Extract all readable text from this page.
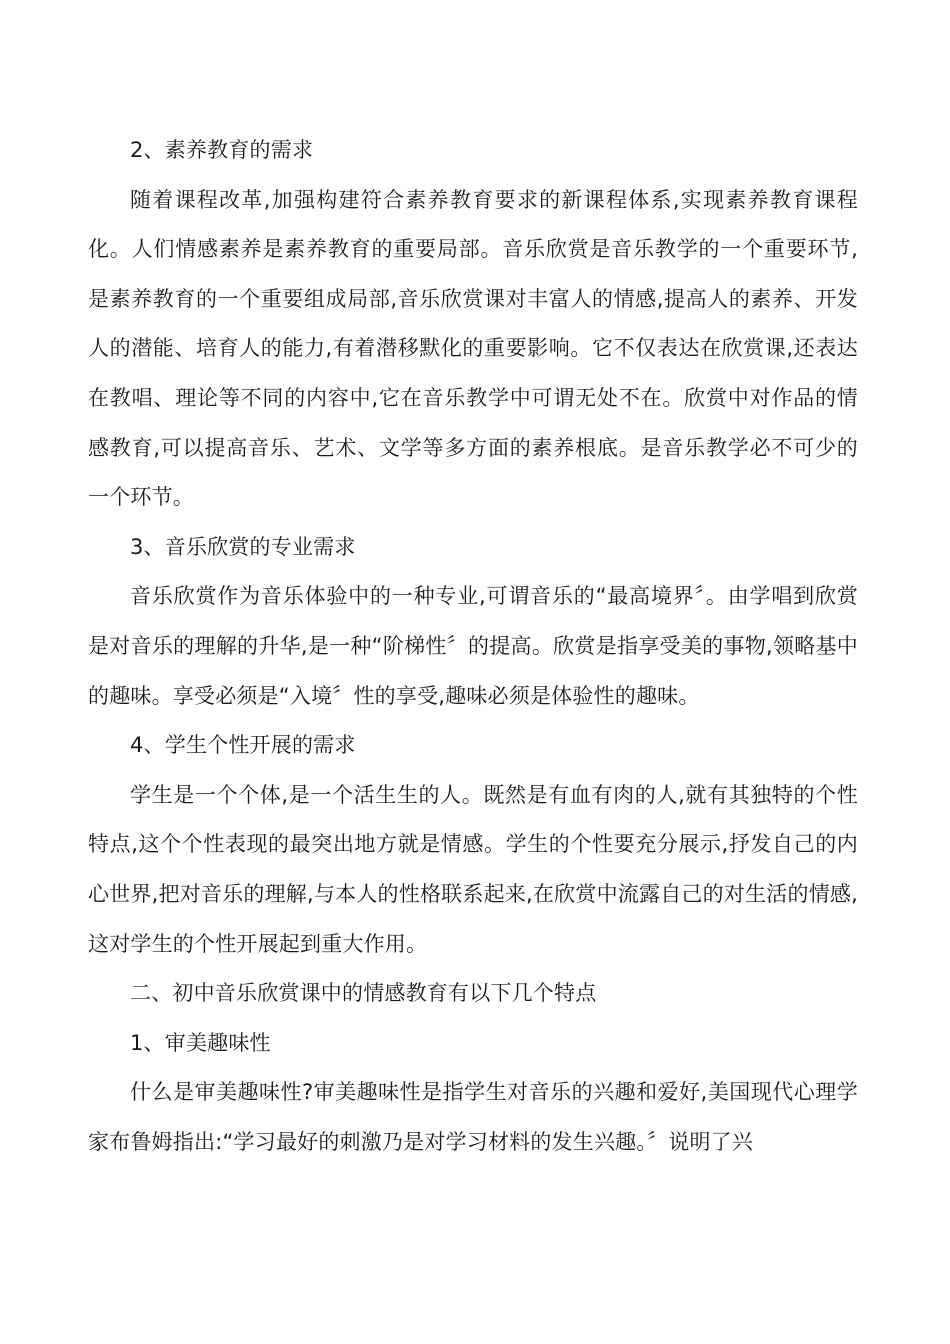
2、素养教育的需求

随着课程改革,加强构建符合素养教育要求的新课程体系,实现素养教育课程化。人们情感素养是素养教育的重要局部。音乐欣赏是音乐教学的一个重要环节,是素养教育的一个重要组成局部,音乐欣赏课对丰富人的情感,提高人的素养、开发人的潜能、培育人的能力,有着潜移默化的重要影响。它不仅表达在欣赏课,还表达在教唱、理论等不同的内容中,它在音乐教学中可谓无处不在。欣赏中对作品的情感教育,可以提高音乐、艺术、文学等多方面的素养根底。是音乐教学必不可少的一个环节。

3、音乐欣赏的专业需求

音乐欣赏作为音乐体验中的一种专业,可谓音乐的“最高境界〞。由学唱到欣赏是对音乐的理解的升华,是一种“阶梯性〞的提高。欣赏是指享受美的事物,领略基中的趣味。享受必须是“入境〞性的享受,趣味必须是体验性的趣味。

4、学生个性开展的需求

学生是一个个体,是一个活生生的人。既然是有血有肉的人,就有其独特的个性特点,这个个性表现的最突出地方就是情感。学生的个性要充分展示,抒发自己的内心世界,把对音乐的理解,与本人的性格联系起来,在欣赏中流露自己的对生活的情感,这对学生的个性开展起到重大作用。

二、初中音乐欣赏课中的情感教育有以下几个特点

1、审美趣味性

什么是审美趣味性?审美趣味性是指学生对音乐的兴趣和爱好,美国现代心理学家布鲁姆指出:“学习最好的刺激乃是对学习材料的发生兴趣。〞说明了兴
